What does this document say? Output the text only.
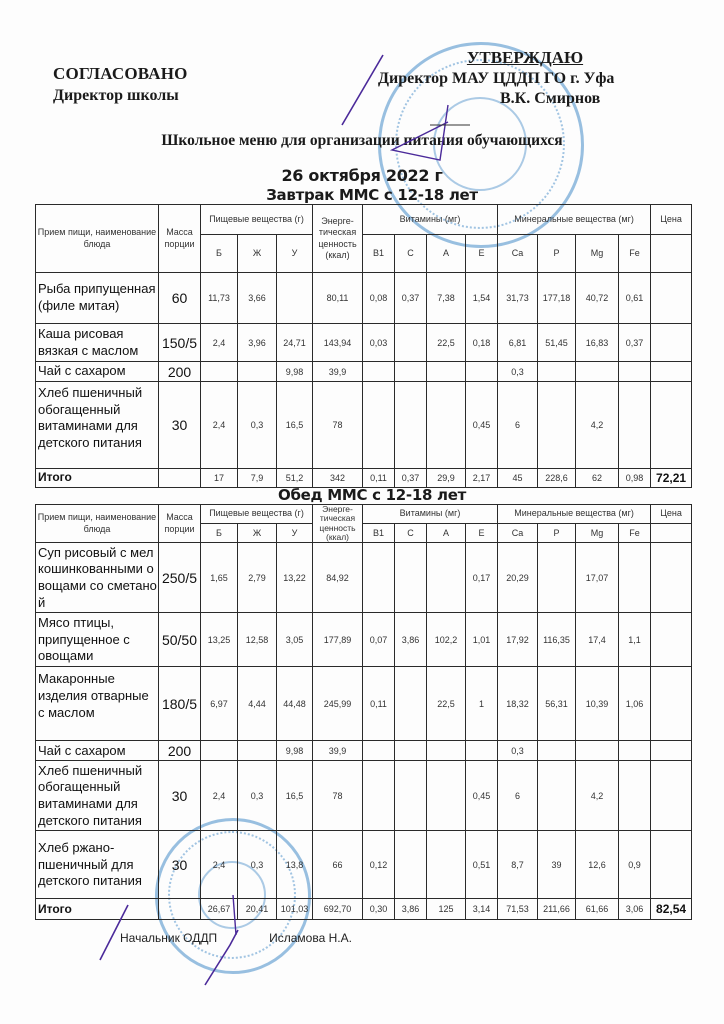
СОГЛАСОВАНО
Директор школы
УТВЕРЖДАЮ
Директор МАУ ЦДДП ГО г. Уфа
В.К. Смирнов
Школьное меню для организации питания обучающихся
26 октября 2022 г
Завтрак ММС с 12-18 лет
Прием пищи, наименование блюда	Масса порции	Пищевые вещества (г)			Энерге-тическая ценность (ккал)	Витамины (мг)				Минеральные вещества (мг)				Цена
		Б	Ж	У		В1	С	А	Е	Ca	P	Mg	Fe	
Рыба припущенная (филе митая)	60	11,73	3,66		80,11	0,08	0,37	7,38	1,54	31,73	177,18	40,72	0,61	
Каша рисовая вязкая с маслом	150/5	2,4	3,96	24,71	143,94	0,03		22,5	0,18	6,81	51,45	16,83	0,37	
Чай с сахаром	200			9,98	39,9					0,3				
Хлеб пшеничный обогащенный витаминами для детского питания	30	2,4	0,3	16,5	78				0,45	6		4,2		
Итого		17	7,9	51,2	342	0,11	0,37	29,9	2,17	45	228,6	62	0,98	72,21
Обед ММС с 12-18 лет
Прием пищи, наименование блюда	Масса порции	Пищевые вещества (г)			Энерге-тическая ценность (ккал)	Витамины (мг)				Минеральные вещества (мг)				Цена
		Б	Ж	У		В1	С	А	Е	Ca	P	Mg	Fe	
Суп рисовый с мелкошинкованными овощами со сметаной	250/5	1,65	2,79	13,22	84,92				0,17	20,29		17,07		
Мясо птицы, припущенное с овощами	50/50	13,25	12,58	3,05	177,89	0,07	3,86	102,2	1,01	17,92	116,35	17,4	1,1	
Макаронные изделия отварные с маслом	180/5	6,97	4,44	44,48	245,99	0,11		22,5	1	18,32	56,31	10,39	1,06	
Чай с сахаром	200			9,98	39,9					0,3				
Хлеб пшеничный обогащенный витаминами для детского питания	30	2,4	0,3	16,5	78				0,45	6		4,2		
Хлеб ржано-пшеничный для детского питания	30	2,4	0,3	13,8	66	0,12			0,51	8,7	39	12,6	0,9	
Итого		26,67	20,41	101,03	692,70	0,30	3,86	125	3,14	71,53	211,66	61,66	3,06	82,54
Начальник ОДДП	Исламова Н.А.
